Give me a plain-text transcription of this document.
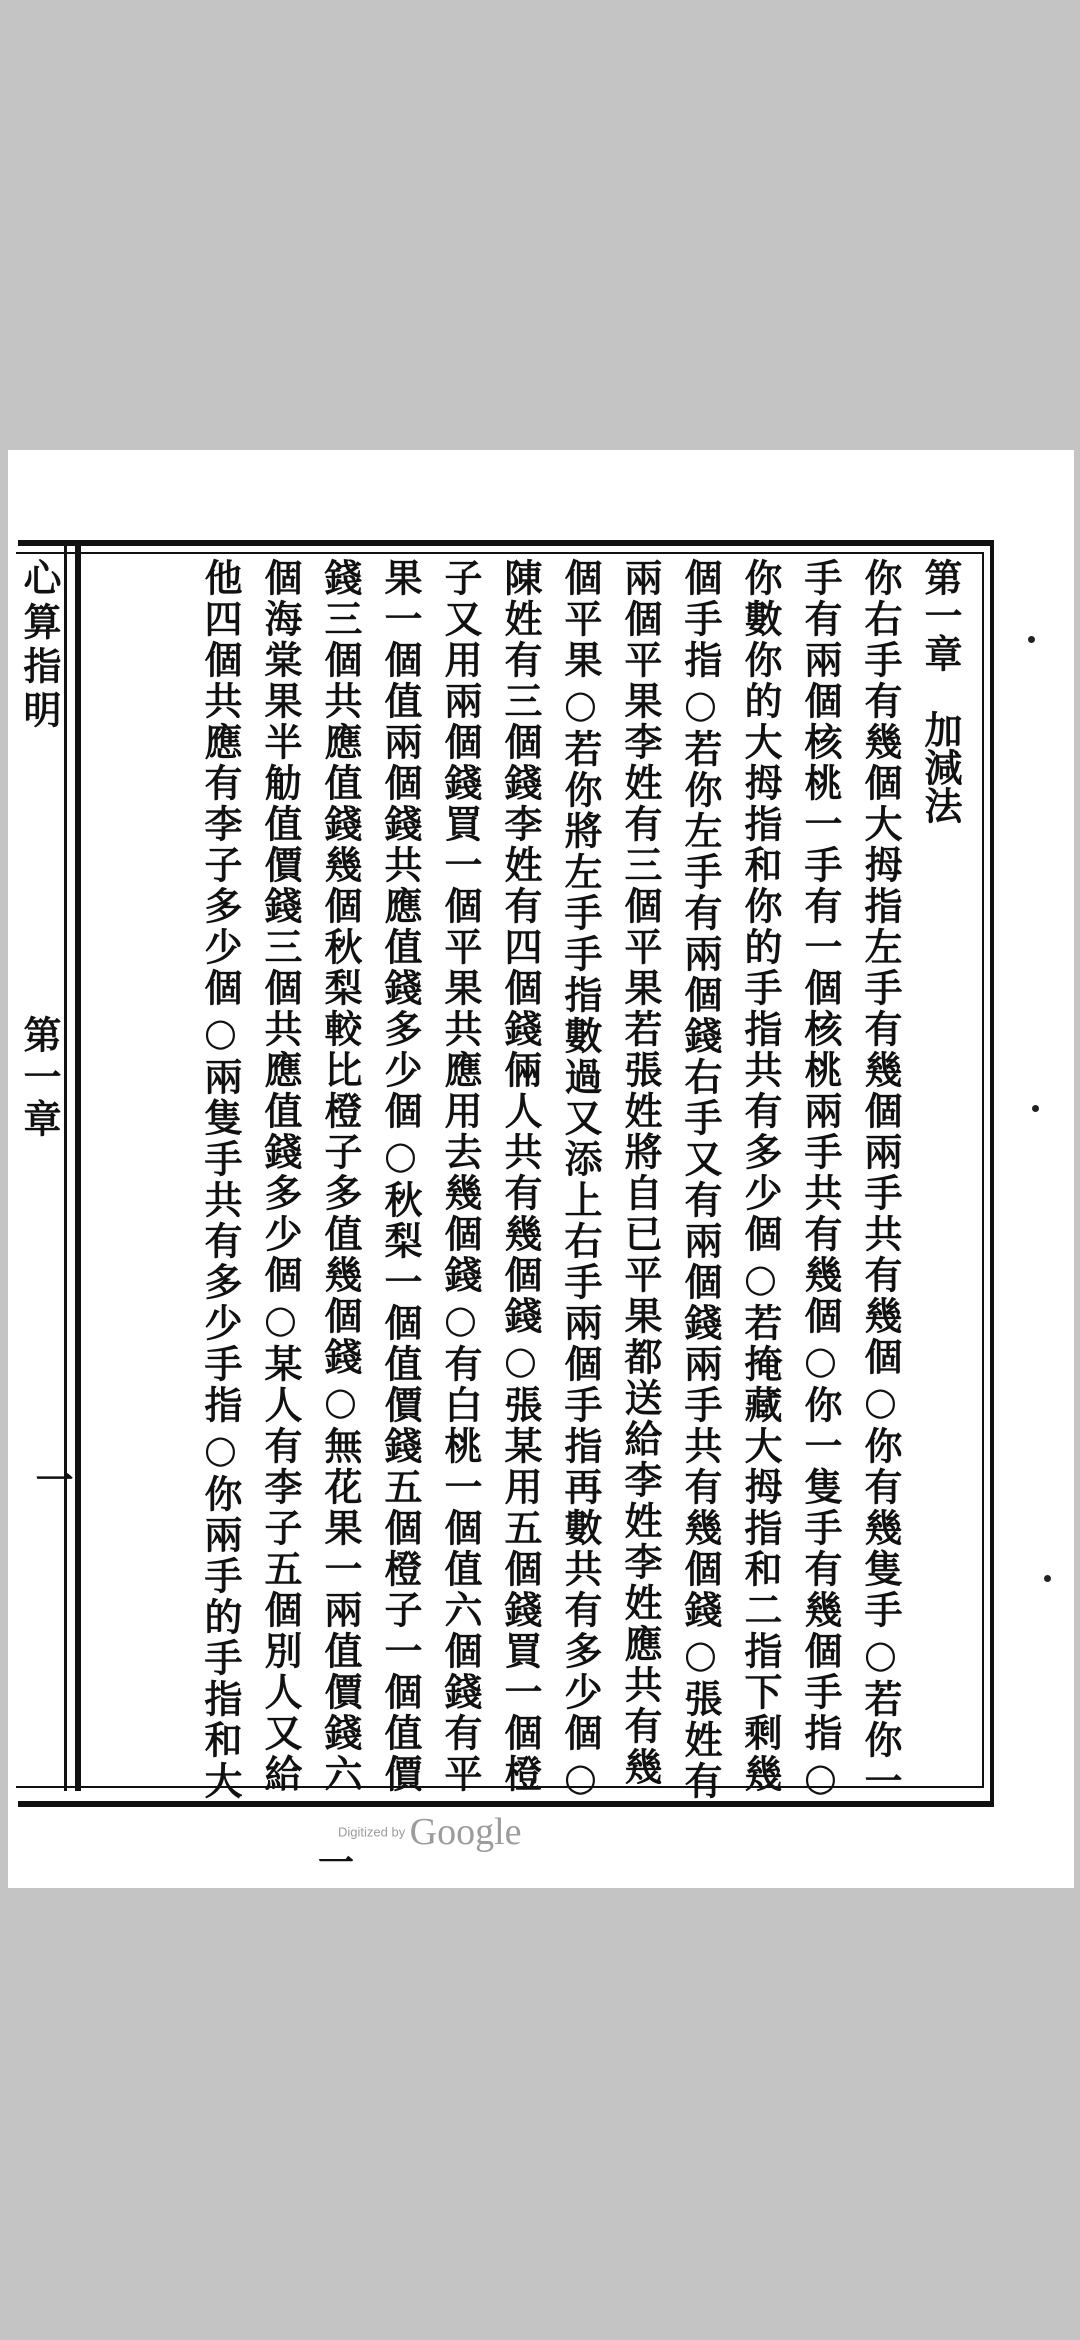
心算指明
第一章
一
第一章　加減法
你右手有幾個大拇指左手有幾個兩手共有幾個○你有幾隻手○若你一
手有兩個核桃一手有一個核桃兩手共有幾個○你一隻手有幾個手指○
你數你的大拇指和你的手指共有多少個○若掩藏大拇指和二指下剩幾
個手指○若你左手有兩個錢右手又有兩個錢兩手共有幾個錢○張姓有
兩個平果李姓有三個平果若張姓將自已平果都送給李姓李姓應共有幾
個平果○若你將左手手指數過又添上右手兩個手指再數共有多少個○
陳姓有三個錢李姓有四個錢倆人共有幾個錢○張某用五個錢買一個橙
子又用兩個錢買一個平果共應用去幾個錢○有白桃一個值六個錢有平
果一個值兩個錢共應值錢多少個○秋梨一個值價錢五個橙子一個值價
錢三個共應值錢幾個秋梨較比橙子多值幾個錢○無花果一兩值價錢六
個海棠果半觔值價錢三個共應值錢多少個○某人有李子五個別人又給
他四個共應有李子多少個○兩隻手共有多少手指○你兩手的手指和大
一
Digitized by Google
